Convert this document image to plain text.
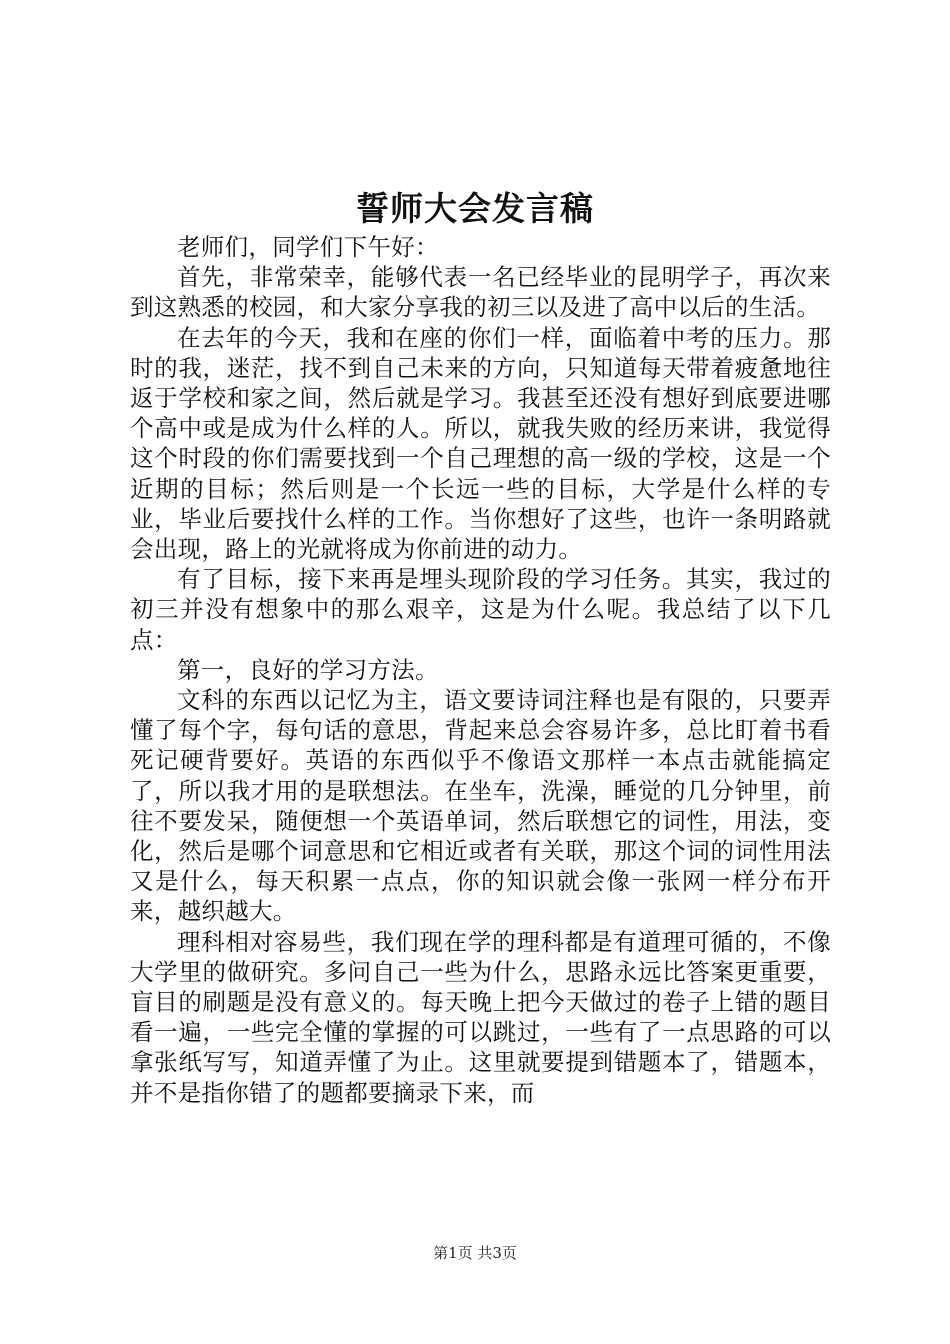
誓师大会发言稿

老师们，同学们下午好：

首先，非常荣幸，能够代表一名已经毕业的昆明学子，再次来到这熟悉的校园，和大家分享我的初三以及进了高中以后的生活。

在去年的今天，我和在座的你们一样，面临着中考的压力。那时的我，迷茫，找不到自己未来的方向，只知道每天带着疲惫地往返于学校和家之间，然后就是学习。我甚至还没有想好到底要进哪个高中或是成为什么样的人。所以，就我失败的经历来讲，我觉得这个时段的你们需要找到一个自己理想的高一级的学校，这是一个近期的目标；然后则是一个长远一些的目标，大学是什么样的专业，毕业后要找什么样的工作。当你想好了这些，也许一条明路就会出现，路上的光就将成为你前进的动力。

有了目标，接下来再是埋头现阶段的学习任务。其实，我过的初三并没有想象中的那么艰辛，这是为什么呢。我总结了以下几点：

第一，良好的学习方法。

文科的东西以记忆为主，语文要诗词注释也是有限的，只要弄懂了每个字，每句话的意思，背起来总会容易许多，总比盯着书看死记硬背要好。英语的东西似乎不像语文那样一本点击就能搞定了，所以我才用的是联想法。在坐车，洗澡，睡觉的几分钟里，前往不要发呆，随便想一个英语单词，然后联想它的词性，用法，变化，然后是哪个词意思和它相近或者有关联，那这个词的词性用法又是什么，每天积累一点点，你的知识就会像一张网一样分布开来，越织越大。

理科相对容易些，我们现在学的理科都是有道理可循的，不像大学里的做研究。多问自己一些为什么，思路永远比答案更重要，盲目的刷题是没有意义的。每天晚上把今天做过的卷子上错的题目看一遍，一些完全懂的掌握的可以跳过，一些有了一点思路的可以拿张纸写写，知道弄懂了为止。这里就要提到错题本了，错题本，并不是指你错了的题都要摘录下来，而

第1页 共3页
